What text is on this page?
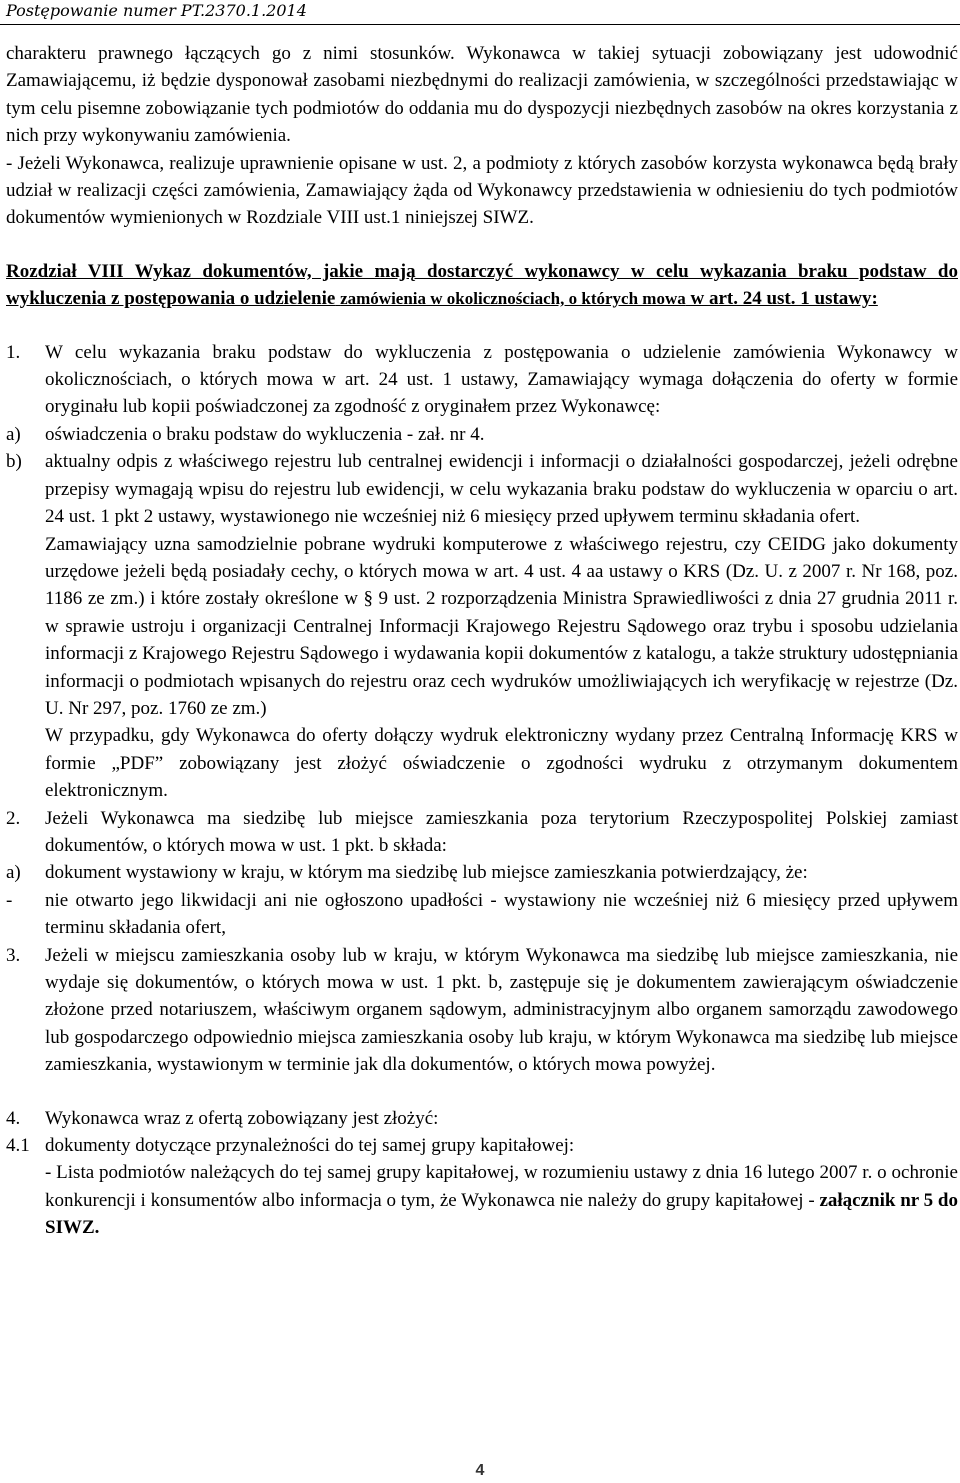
Postępowanie numer PT.2370.1.2014

charakteru prawnego łączących go z nimi stosunków. Wykonawca w takiej sytuacji zobowiązany jest udowodnić Zamawiającemu, iż będzie dysponował zasobami niezbędnymi do realizacji zamówienia, w szczególności przedstawiając w tym celu pisemne zobowiązanie tych podmiotów do oddania mu do dyspozycji niezbędnych zasobów na okres korzystania z nich przy wykonywaniu zamówienia.

- Jeżeli Wykonawca, realizuje uprawnienie opisane w ust. 2, a podmioty z których zasobów korzysta wykonawca będą brały udział w realizacji części zamówienia, Zamawiający żąda od Wykonawcy przedstawienia w odniesieniu do tych podmiotów dokumentów wymienionych w Rozdziale VIII ust.1 niniejszej SIWZ.

Rozdział VIII Wykaz dokumentów, jakie mają dostarczyć wykonawcy w celu wykazania braku podstaw do wykluczenia z postępowania o udzielenie zamówienia w okolicznościach, o których mowa w art. 24 ust. 1 ustawy:

1.	W celu wykazania braku podstaw do wykluczenia z postępowania o udzielenie zamówienia Wykonawcy w okolicznościach, o których mowa w art. 24 ust. 1 ustawy, Zamawiający wymaga dołączenia do oferty w formie oryginału lub kopii poświadczonej za zgodność z oryginałem przez Wykonawcę:
a)	oświadczenia o braku podstaw do wykluczenia - zał. nr 4.
b)	aktualny odpis z właściwego rejestru lub centralnej ewidencji i informacji o działalności gospodarczej, jeżeli odrębne przepisy wymagają wpisu do rejestru lub ewidencji, w celu wykazania braku podstaw do wykluczenia w oparciu o art. 24 ust. 1 pkt 2 ustawy, wystawionego nie wcześniej niż 6 miesięcy przed upływem terminu składania ofert.

Zamawiający uzna samodzielnie pobrane wydruki komputerowe z właściwego rejestru, czy CEIDG jako dokumenty urzędowe jeżeli będą posiadały cechy, o których mowa w art. 4 ust. 4 aa ustawy o KRS (Dz. U. z 2007 r. Nr 168, poz. 1186 ze zm.) i które zostały określone w § 9 ust. 2 rozporządzenia Ministra Sprawiedliwości z dnia 27 grudnia 2011 r. w sprawie ustroju i organizacji Centralnej Informacji Krajowego Rejestru Sądowego oraz trybu i sposobu udzielania informacji z Krajowego Rejestru Sądowego i wydawania kopii dokumentów z katalogu, a także struktury udostępniania informacji o podmiotach wpisanych do rejestru oraz cech wydruków umożliwiających ich weryfikację w rejestrze (Dz. U. Nr 297, poz. 1760 ze zm.)

W przypadku, gdy Wykonawca do oferty dołączy wydruk elektroniczny wydany przez Centralną Informację KRS w formie „PDF” zobowiązany jest złożyć oświadczenie o zgodności wydruku z otrzymanym dokumentem elektronicznym.

2.	Jeżeli Wykonawca ma siedzibę lub miejsce zamieszkania poza terytorium Rzeczypospolitej Polskiej zamiast dokumentów, o których mowa w ust. 1 pkt. b składa:
a)	dokument wystawiony w kraju, w którym ma siedzibę lub miejsce zamieszkania potwierdzający, że:
-	nie otwarto jego likwidacji ani nie ogłoszono upadłości - wystawiony nie wcześniej niż 6 miesięcy przed upływem terminu składania ofert,
3.	Jeżeli w miejscu zamieszkania osoby lub w kraju, w którym Wykonawca ma siedzibę lub miejsce zamieszkania, nie wydaje się dokumentów, o których mowa w ust. 1 pkt. b, zastępuje się je dokumentem zawierającym oświadczenie złożone przed notariuszem, właściwym organem sądowym, administracyjnym albo organem samorządu zawodowego lub gospodarczego odpowiednio miejsca zamieszkania osoby lub kraju, w którym Wykonawca ma siedzibę lub miejsce zamieszkania, wystawionym w terminie jak dla dokumentów, o których mowa powyżej.
4.	Wykonawca wraz z ofertą zobowiązany jest złożyć:
4.1 dokumenty dotyczące przynależności do tej samej grupy kapitałowej:

- Lista podmiotów należących do tej samej grupy kapitałowej, w rozumieniu ustawy z dnia 16 lutego 2007 r. o ochronie konkurencji i konsumentów albo informacja o tym, że Wykonawca nie należy do grupy kapitałowej - załącznik nr 5 do SIWZ.

4
